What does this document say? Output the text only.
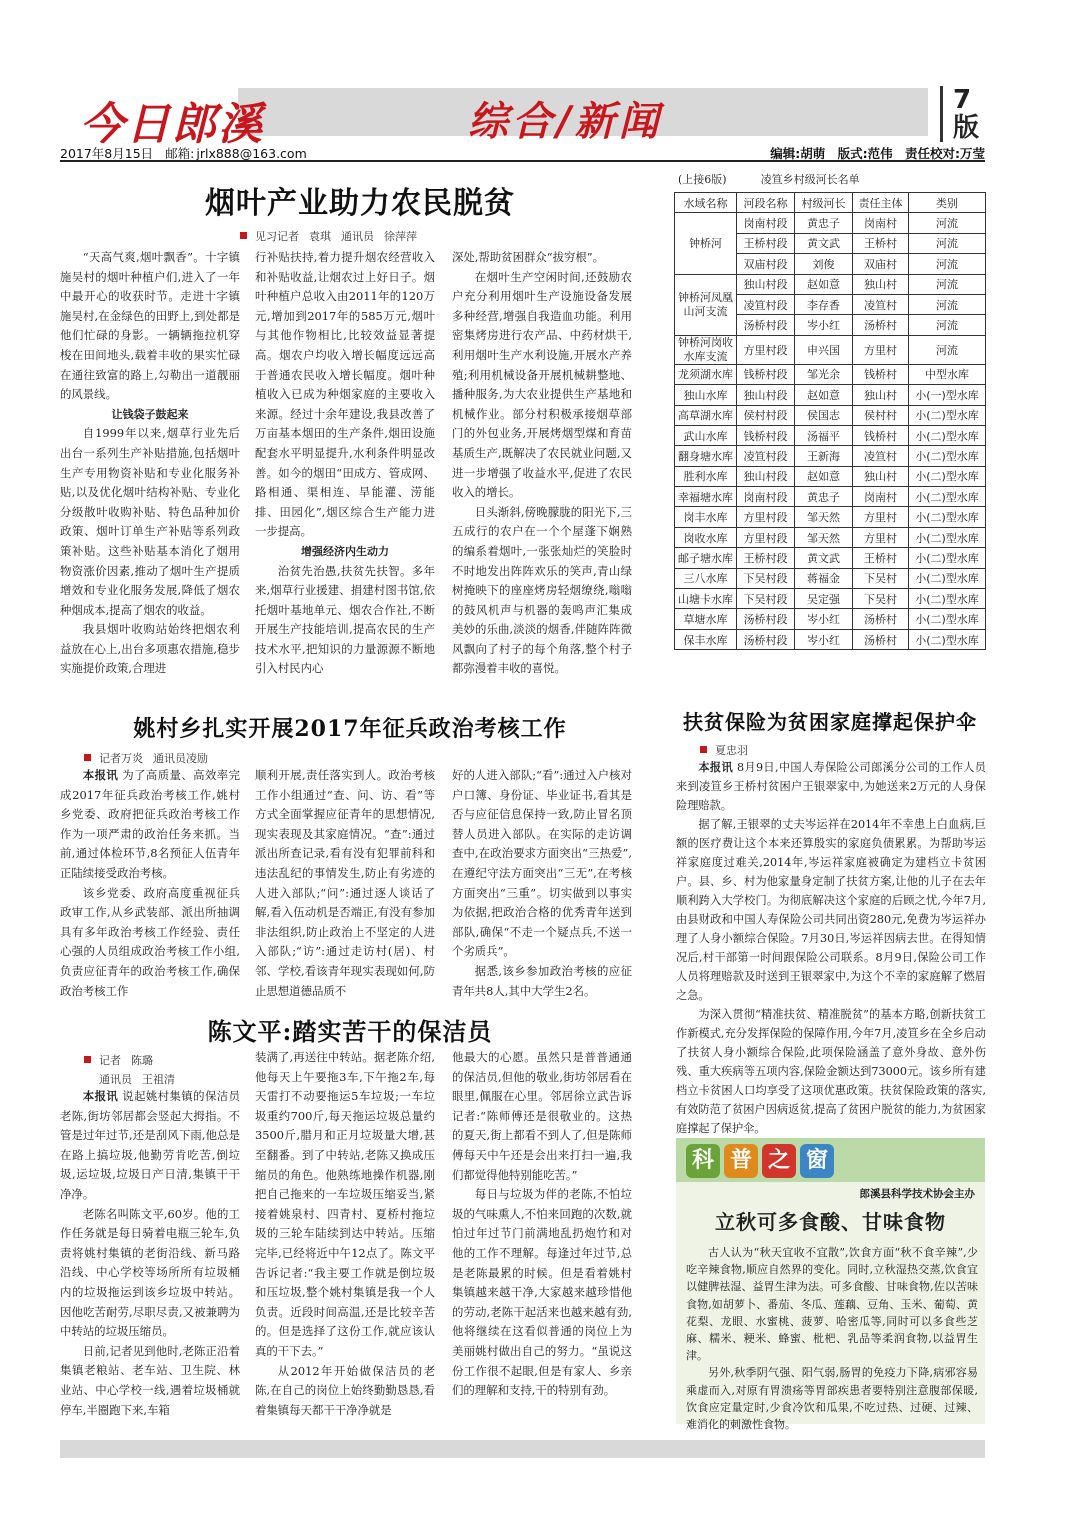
今日郎溪	综合/新闻	7
版
2017年8月15日 邮箱: jrlx888@163.com	编辑:胡萌 版式:范伟 责任校对:万莹
烟叶产业助力农民脱贫
见习记者 袁琪 通讯员 徐萍萍

“天高气爽,烟叶飘香”。十字镇施吴村的烟叶种植户们,进入了一年中最开心的收获时节。走进十字镇施吴村,在金绿色的田野上,到处都是他们忙碌的身影。一辆辆拖拉机穿梭在田间地头,载着丰收的果实忙碌在通往致富的路上,勾勒出一道靓丽的风景线。

让钱袋子鼓起来

自1999年以来,烟草行业先后出台一系列生产补贴措施,包括烟叶生产专用物资补贴和专业化服务补贴,以及优化烟叶结构补贴、专业化分级散叶收购补贴、特色品种加价政策、烟叶订单生产补贴等系列政策补贴。这些补贴基本消化了烟用物资涨价因素,推动了烟叶生产提质增效和专业化服务发展,降低了烟农种烟成本,提高了烟农的收益。

我县烟叶收购站始终把烟农利益放在心上,出台多项惠农措施,稳步实施提价政策,合理进

行补贴扶持,着力提升烟农经营收入和补贴收益,让烟农过上好日子。烟叶种植户总收入由2011年的120万元,增加到2017年的585万元,烟叶与其他作物相比,比较效益显著提高。烟农户均收入增长幅度远远高于普通农民收入增长幅度。烟叶种植收入已成为种烟家庭的主要收入来源。经过十余年建设,我县改善了万亩基本烟田的生产条件,烟田设施配套水平明显提升,水利条件明显改善。如今的烟田“田成方、管成网、路相通、渠相连、旱能灌、涝能排、田园化”,烟区综合生产能力进一步提高。

增强经济内生动力

治贫先治愚,扶贫先扶智。多年来,烟草行业援建、捐建村图书馆,依托烟叶基地单元、烟农合作社,不断开展生产技能培训,提高农民的生产技术水平,把知识的力量源源不断地引入村民内心

深处,帮助贫困群众“拔穷根”。

在烟叶生产空闲时间,还鼓励农户充分利用烟叶生产设施设备发展多种经营,增强自我造血功能。利用密集烤房进行农产品、中药材烘干,利用烟叶生产水利设施,开展水产养殖;利用机械设备开展机械耕整地、播种服务,为大农业提供生产基地和机械作业。部分村积极承接烟草部门的外包业务,开展烤烟型煤和育苗基质生产,既解决了农民就业问题,又进一步增强了收益水平,促进了农民收入的增长。

日头渐斜,傍晚朦胧的阳光下,三五成行的农户在一个个屋蓬下娴熟的编系着烟叶,一张张灿烂的笑脸时不时地发出阵阵欢乐的笑声,青山绿树掩映下的座座烤房轻烟缭绕,嗡嗡的鼓风机声与机器的轰鸣声汇集成美妙的乐曲,淡淡的烟香,伴随阵阵微风飘向了村子的每个角落,整个村子都弥漫着丰收的喜悦。

(上接6版)	凌笪乡村级河长名单
水域名称	河段名称	村级河长	责任主体	类别
钟桥河	岗南村段	黄忠子	岗南村	河流
	王桥村段	黄文武	王桥村	河流
	双庙村段	刘俊	双庙村	河流
钟桥河凤凰山河支流	独山村段	赵如意	独山村	河流
	凌笪村段	李存香	凌笪村	河流
	汤桥村段	岑小红	汤桥村	河流
钟桥河岗收水库支流	方里村段	申兴国	方里村	河流
龙须湖水库	钱桥村段	邹光余	钱桥村	中型水库
独山水库	独山村段	赵如意	独山村	小(一)型水库
高草湖水库	侯村村段	侯国志	侯村村	小(二)型水库
武山水库	钱桥村段	汤福平	钱桥村	小(二)型水库
翻身塘水库	凌笪村段	王新海	凌笪村	小(二)型水库
胜利水库	独山村段	赵如意	独山村	小(二)型水库
幸福塘水库	岗南村段	黄忠子	岗南村	小(二)型水库
岗丰水库	方里村段	邹天然	方里村	小(二)型水库
岗收水库	方里村段	邹天然	方里村	小(二)型水库
邮子塘水库	王桥村段	黄文武	王桥村	小(二)型水库
三八水库	下吴村段	蒋福金	下吴村	小(二)型水库
山塘卡水库	下吴村段	吴定强	下吴村	小(二)型水库
草塘水库	汤桥村段	岑小红	汤桥村	小(二)型水库
保丰水库	汤桥村段	岑小红	汤桥村	小(二)型水库
姚村乡扎实开展2017年征兵政治考核工作
记者万炎 通讯员凌励

本报讯 为了高质量、高效率完成2017年征兵政治考核工作,姚村乡党委、政府把征兵政治考核工作作为一项严肃的政治任务来抓。当前,通过体检环节,8名预征人伍青年正陆续接受政治考核。

该乡党委、政府高度重视征兵政审工作,从乡武装部、派出所抽调具有多年政治考核工作经验、责任心强的人员组成政治考核工作小组,负责应征青年的政治考核工作,确保政治考核工作

顺利开展,责任落实到人。政治考核工作小组通过“查、问、访、看”等方式全面掌握应征青年的思想情况,现实表现及其家庭情况。“查”:通过派出所查记录,看有没有犯罪前科和违法乱纪的事情发生,防止有劣迹的人进入部队;“问”:通过逐人谈话了解,看入伍动机是否端正,有没有参加非法组织,防止政治上不坚定的人进入部队;“访”:通过走访村(居)、村邻、学校,看该青年现实表现如何,防止思想道德品质不

好的人进入部队;“看”:通过入户核对户口簿、身份证、毕业证书,看其是否与应征信息保持一致,防止冒名顶替人员进入部队。在实际的走访调查中,在政治要求方面突出“三热爱”,在遵纪守法方面突出“三无”,在考核方面突出“三重”。切实做到以事实为依据,把政治合格的优秀青年送到部队,确保“不走一个疑点兵,不送一个劣质兵”。

据悉,该乡参加政治考核的应征青年共8人,其中大学生2名。

陈文平:踏实苦干的保洁员
记者 陈璐
通讯员 王祖清

本报讯 说起姚村集镇的保洁员老陈,街坊邻居都会竖起大拇指。不管是过年过节,还是刮风下雨,他总是在路上搞垃圾,他勤劳肯吃苦,倒垃圾,运垃圾,垃圾日产日清,集镇干干净净。

老陈名叫陈文平,60岁。他的工作任务就是每日骑着电瓶三轮车,负责将姚村集镇的老街沿线、新马路沿线、中心学校等场所所有垃圾桶内的垃圾拖运到该乡垃圾中转站。因他吃苦耐劳,尽职尽责,又被兼聘为中转站的垃圾压缩员。

日前,记者见到他时,老陈正沿着集镇老粮站、老车站、卫生院、林业站、中心学校一线,遇着垃圾桶就停车,半圈跑下来,车箱

装满了,再送往中转站。据老陈介绍,他每天上午要拖3车,下午拖2车,每天雷打不动要拖运5车垃圾;一车垃圾重约700斤,每天拖运垃圾总量约3500斤,腊月和正月垃圾量大增,甚至翻番。到了中转站,老陈又换成压缩员的角色。他熟练地操作机器,刚把自己拖来的一车垃圾压缩妥当,紧接着姚泉村、四青村、夏桥村拖垃圾的三轮车陆续到达中转站。压缩完毕,已经将近中午12点了。陈文平告诉记者:“我主要工作就是倒垃圾和压垃圾,整个姚村集镇是我一个人负责。近段时间高温,还是比较辛苦的。但是选择了这份工作,就应该认真的干下去。”

从2012年开始做保洁员的老陈,在自己的岗位上始终勤勤恳恳,看着集镇每天都干干净净就是

他最大的心愿。虽然只是普普通通的保洁员,但他的敬业,街坊邻居看在眼里,佩服在心里。邻居徐立武告诉记者:“陈师傅还是很敬业的。这热的夏天,街上都看不到人了,但是陈师傅每天中午还是会出来打扫一遍,我们都觉得他特别能吃苦。”

每日与垃圾为伴的老陈,不怕垃圾的气味熏人,不怕来回跑的次数,就怕过年过节门前满地乱扔炮竹和对他的工作不理解。每逢过年过节,总是老陈最累的时候。但是看着姚村集镇越来越干净,大家越来越珍惜他的劳动,老陈干起活来也越来越有劲,他将继续在这看似普通的岗位上为美丽姚村做出自己的努力。“虽说这份工作很不起眼,但是有家人、乡亲们的理解和支持,干的特别有劲。

扶贫保险为贫困家庭撑起保护伞
夏忠羽

本报讯 8月9日,中国人寿保险公司郎溪分公司的工作人员来到凌笪乡王桥村贫困户王银翠家中,为她送来2万元的人身保险理赔款。

据了解,王银翠的丈夫岑运祥在2014年不幸患上白血病,巨额的医疗费让这个本来还算殷实的家庭负债累累。为帮助岑运祥家庭度过难关,2014年,岑运祥家庭被确定为建档立卡贫困户。县、乡、村为他家量身定制了扶贫方案,让他的儿子在去年顺利跨入大学校门。为彻底解决这个家庭的后顾之忧,今年7月,由县财政和中国人寿保险公司共同出资280元,免费为岑运祥办理了人身小额综合保险。7月30日,岑运祥因病去世。在得知情况后,村干部第一时间跟保险公司联系。8月9日,保险公司工作人员将理赔款及时送到王银翠家中,为这个不幸的家庭解了燃眉之急。

为深入贯彻“精准扶贫、精准脱贫”的基本方略,创新扶贫工作新模式,充分发挥保险的保障作用,今年7月,凌笪乡在全乡启动了扶贫人身小额综合保险,此项保险涵盖了意外身故、意外伤残、重大疾病等五项内容,保险金额达到73000元。该乡所有建档立卡贫困人口均享受了这项优惠政策。扶贫保险政策的落实,有效防范了贫困户因病返贫,提高了贫困户脱贫的能力,为贫困家庭撑起了保护伞。

科 普 之 窗
郎溪县科学技术协会主办
立秋可多食酸、甘味食物

古人认为“秋天宜收不宜散”,饮食方面“秋不食辛辣”,少吃辛辣食物,顺应自然界的变化。同时,立秋湿热交蒸,饮食宜以健脾祛湿、益胃生津为法。可多食酸、甘味食物,佐以苦味食物,如胡萝卜、番茄、冬瓜、莲藕、豆角、玉米、葡萄、黄花梨、龙眼、水蜜桃、菠萝、哈密瓜等,同时可以多食些芝麻、糯米、粳米、蜂蜜、枇杷、乳品等柔润食物,以益胃生津。

另外,秋季阴气强、阳气弱,肠胃的免疫力下降,病邪容易乘虚而入,对原有胃溃疡等胃部疾患者要特别注意腹部保暖,饮食应定量定时,少食冷饮和瓜果,不吃过热、过硬、过辣、难消化的刺激性食物。
